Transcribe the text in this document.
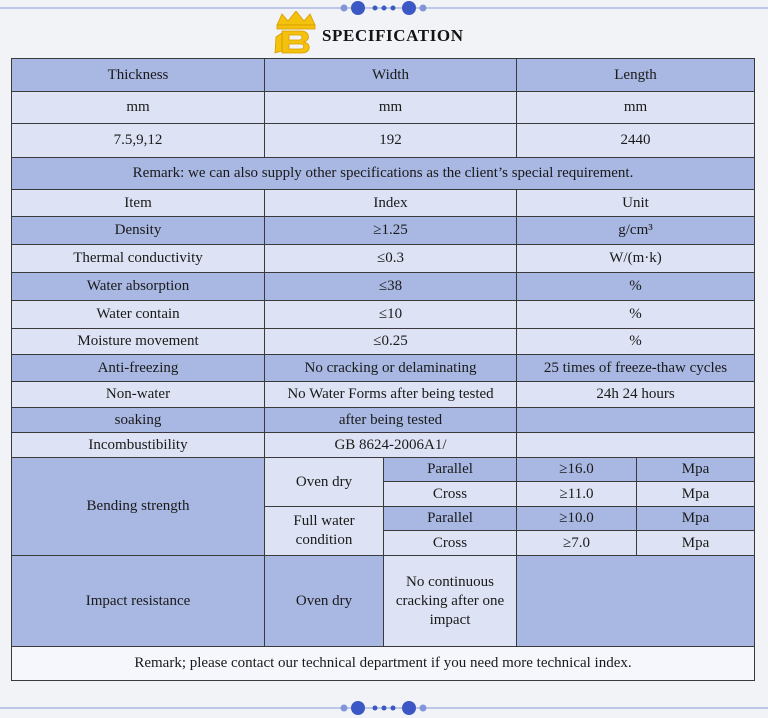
SPECIFICATION
Thickness	Width		Length	
mm	mm		mm	
7.5,9,12	192		2440	
Remark: we can also supply other specifications as the client’s special requirement.				
Item	Index		Unit	
Density	≥1.25		g/cm³	
Thermal conductivity	≤0.3		W/(m·k)	
Water absorption	≤38		%	
Water contain	≤10		%	
Moisture movement	≤0.25		%	
Anti-freezing	No cracking or delaminating		25 times of freeze-thaw cycles	
Non-water	No Water Forms after being tested		24h 24 hours	
soaking	after being tested			
Incombustibility	GB 8624-2006A1/			
Bending strength	Oven dry	Parallel	≥16.0	Mpa
		Cross	≥11.0	Mpa
	Full water condition	Parallel	≥10.0	Mpa
		Cross	≥7.0	Mpa
Impact resistance	Oven dry	No continuous cracking after one impact		
Remark; please contact our technical department if you need more technical index.				
